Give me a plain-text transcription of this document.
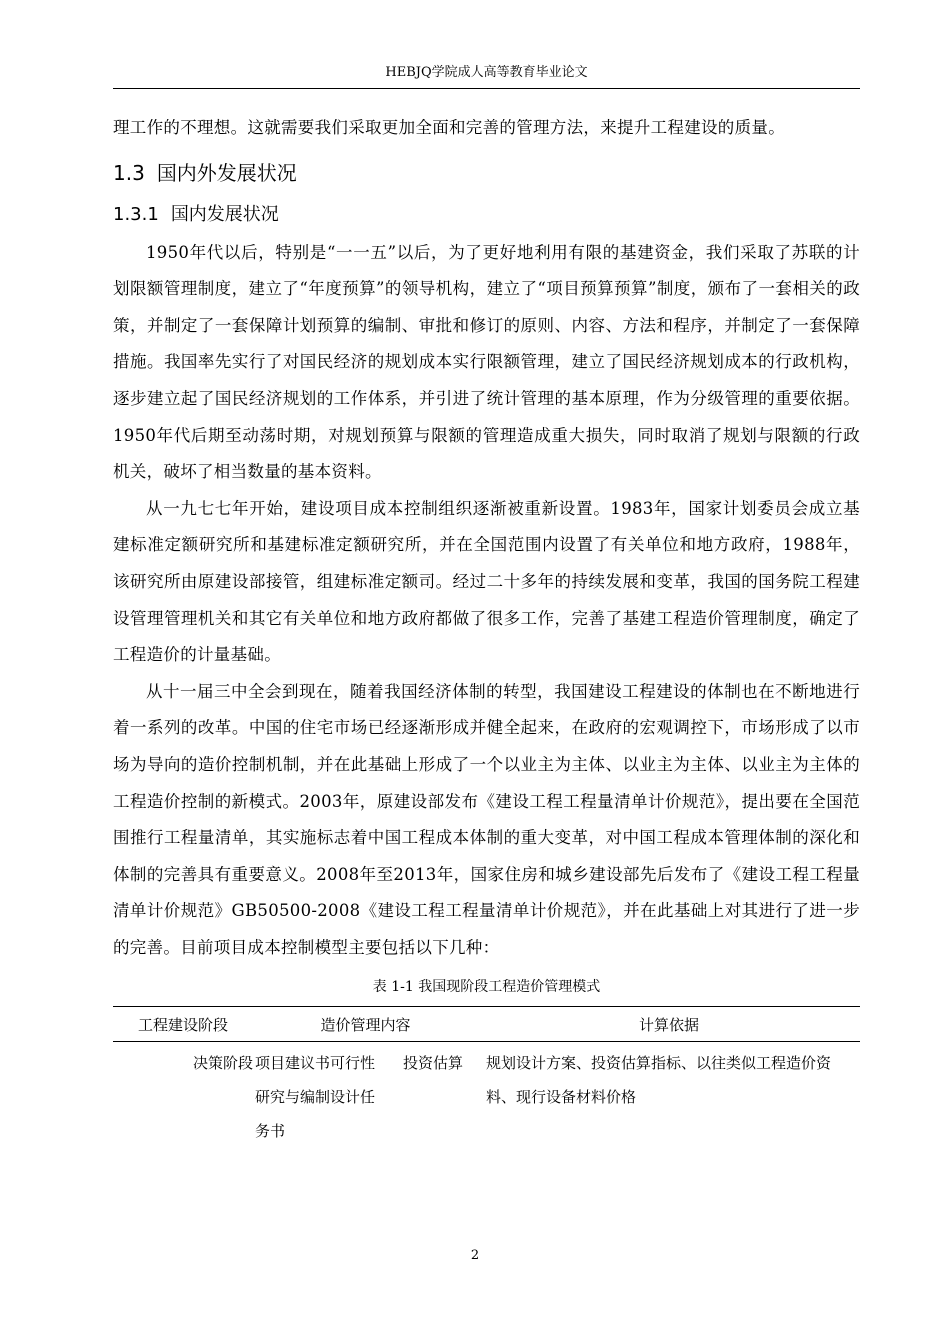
HEBJQ学院成人高等教育毕业论文

理工作的不理想。这就需要我们采取更加全面和完善的管理方法，来提升工程建设的质量。

1.3 国内外发展状况
1.3.1 国内发展状况

1950年代以后，特别是“一一五”以后，为了更好地利用有限的基建资金，我们采取了苏联的计划限额管理制度，建立了“年度预算”的领导机构，建立了“项目预算预算”制度，颁布了一套相关的政策，并制定了一套保障计划预算的编制、审批和修订的原则、内容、方法和程序，并制定了一套保障措施。我国率先实行了对国民经济的规划成本实行限额管理，建立了国民经济规划成本的行政机构，逐步建立起了国民经济规划的工作体系，并引进了统计管理的基本原理，作为分级管理的重要依据。1950年代后期至动荡时期，对规划预算与限额的管理造成重大损失，同时取消了规划与限额的行政机关，破坏了相当数量的基本资料。

从一九七七年开始，建设项目成本控制组织逐渐被重新设置。1983年，国家计划委员会成立基建标准定额研究所和基建标准定额研究所，并在全国范围内设置了有关单位和地方政府，1988年，该研究所由原建设部接管，组建标准定额司。经过二十多年的持续发展和变革，我国的国务院工程建设管理管理机关和其它有关单位和地方政府都做了很多工作，完善了基建工程造价管理制度，确定了工程造价的计量基础。

从十一届三中全会到现在，随着我国经济体制的转型，我国建设工程建设的体制也在不断地进行着一系列的改革。中国的住宅市场已经逐渐形成并健全起来，在政府的宏观调控下，市场形成了以市场为导向的造价控制机制，并在此基础上形成了一个以业主为主体、以业主为主体、以业主为主体的工程造价控制的新模式。2003年，原建设部发布《建设工程工程量清单计价规范》，提出要在全国范围推行工程量清单，其实施标志着中国工程成本体制的重大变革，对中国工程成本管理体制的深化和体制的完善具有重要意义。2008年至2013年，国家住房和城乡建设部先后发布了《建设工程工程量清单计价规范》GB50500-2008《建设工程工程量清单计价规范》，并在此基础上对其进行了进一步的完善。目前项目成本控制模型主要包括以下几种：

表 1-1 我国现阶段工程造价管理模式
工程建设阶段	造价管理内容		计算依据
决策阶段	项目建议书可行性研究与编制设计任务书	投资估算	规划设计方案、投资估算指标、以往类似工程造价资料、现行设备材料价格
2
